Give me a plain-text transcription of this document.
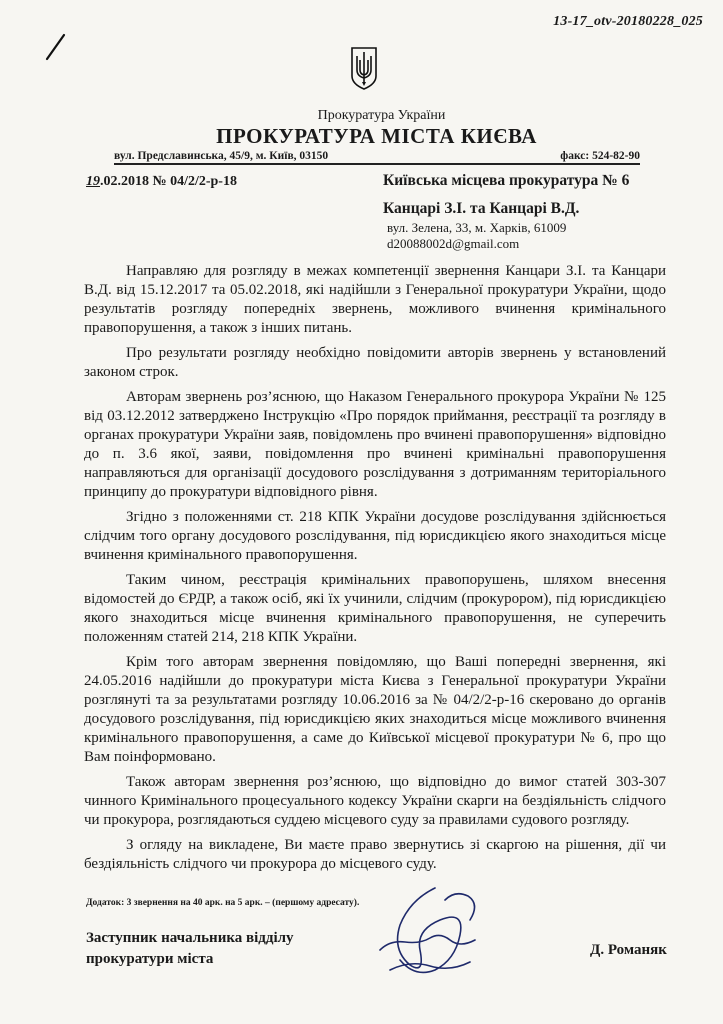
13-17_otv-20180228_025
Прокуратура України
ПРОКУРАТУРА МІСТА КИЄВА
вул. Предславинська, 45/9, м. Київ, 03150	факс: 524-82-90
19.02.2018 № 04/2/2-р-18	Київська місцева прокуратура № 6
Канцарі З.І. та Канцарі В.Д.
вул. Зелена, 33, м. Харків, 61009
d20088002d@gmail.com

Направляю для розгляду в межах компетенції звернення Канцари З.І. та Канцари В.Д. від 15.12.2017 та 05.02.2018, які надійшли з Генеральної прокуратури України, щодо результатів розгляду попередніх звернень, можливого вчинення кримінального правопорушення, а також з інших питань.

Про результати розгляду необхідно повідомити авторів звернень у встановлений законом строк.

Авторам звернень роз’яснюю, що Наказом Генерального прокурора України № 125 від 03.12.2012 затверджено Інструкцію «Про порядок приймання, реєстрації та розгляду в органах прокуратури України заяв, повідомлень про вчинені правопорушення» відповідно до п. 3.6 якої, заяви, повідомлення про вчинені кримінальні правопорушення направляються для організації досудового розслідування з дотриманням територіального принципу до прокуратури відповідного рівня.

Згідно з положеннями ст. 218 КПК України досудове розслідування здійснюється слідчим того органу досудового розслідування, під юрисдикцією якого знаходиться місце вчинення кримінального правопорушення.

Таким чином, реєстрація кримінальних правопорушень, шляхом внесення відомостей до ЄРДР, а також осіб, які їх учинили, слідчим (прокурором), під юрисдикцією якого знаходиться місце вчинення кримінального правопорушення, не суперечить положенням статей 214, 218 КПК України.

Крім того авторам звернення повідомляю, що Ваші попередні звернення, які 24.05.2016 надійшли до прокуратури міста Києва з Генеральної прокуратури України розглянуті та за результатами розгляду 10.06.2016 за № 04/2/2-р-16 скеровано до органів досудового розслідування, під юрисдикцією яких знаходиться місце можливого вчинення кримінального правопорушення, а саме до Київської місцевої прокуратури № 6, про що Вам поінформовано.

Також авторам звернення роз’яснюю, що відповідно до вимог статей 303-307 чинного Кримінального процесуального кодексу України скарги на бездіяльність слідчого чи прокурора, розглядаються суддею місцевого суду за правилами судового розгляду.

З огляду на викладене, Ви маєте право звернутись зі скаргою на рішення, дії чи бездіяльність слідчого чи прокурора до місцевого суду.

Додаток: 3 звернення на 40 арк. на 5 арк. – (першому адресату).
Заступник начальника відділу
прокуратури міста
Д. Романяк
